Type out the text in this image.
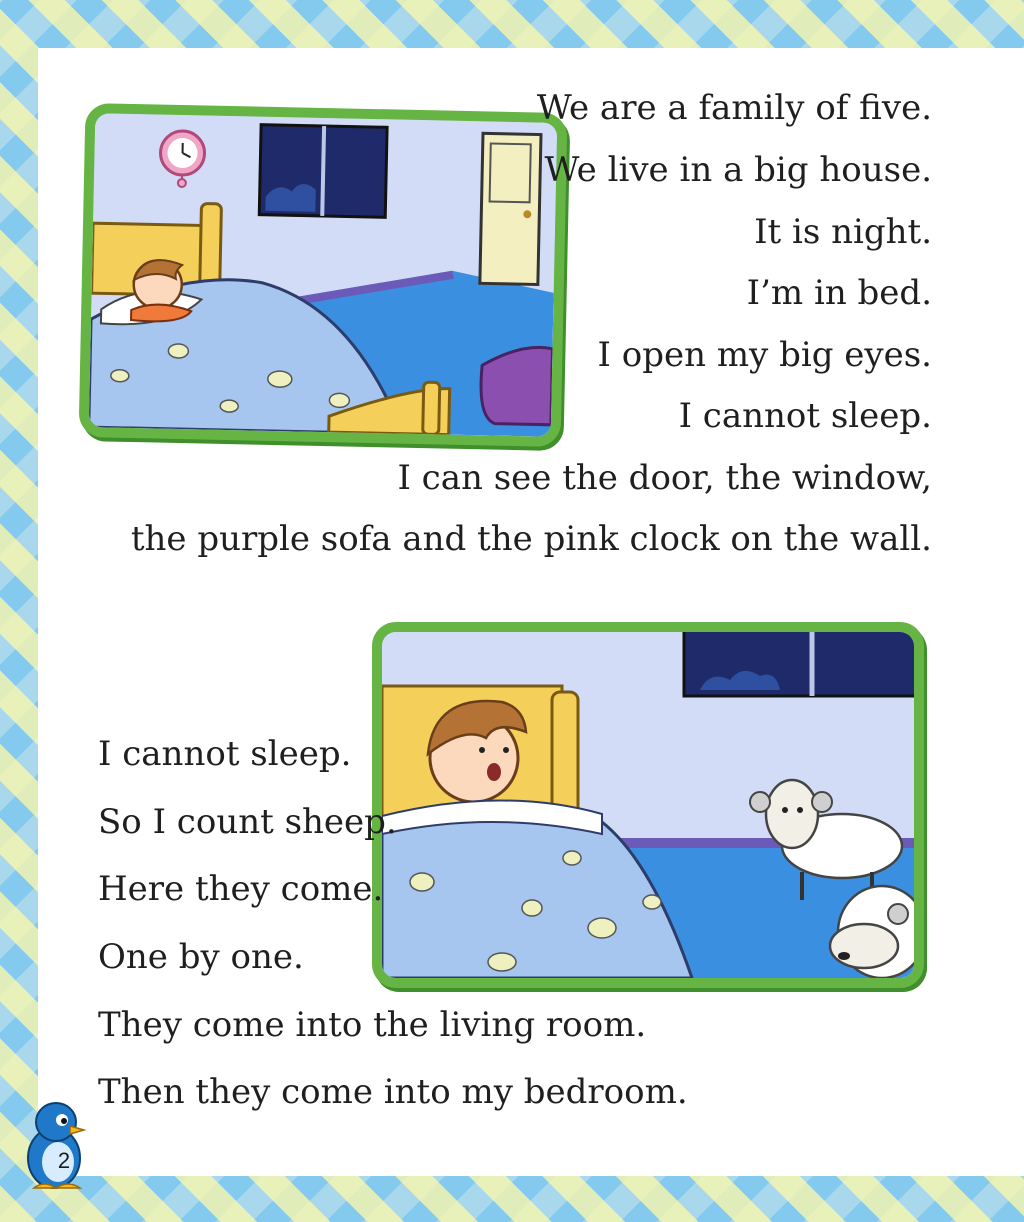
We are a family of five.

We live in a big house.

It is night.

I’m in bed.

I open my big eyes.

I cannot sleep.

I can see the door, the window,

the purple sofa and the pink clock on the wall.

I cannot sleep.

So I count sheep.

Here they come.

One by one.

They come into the living room.

Then they come into my bedroom.

2
